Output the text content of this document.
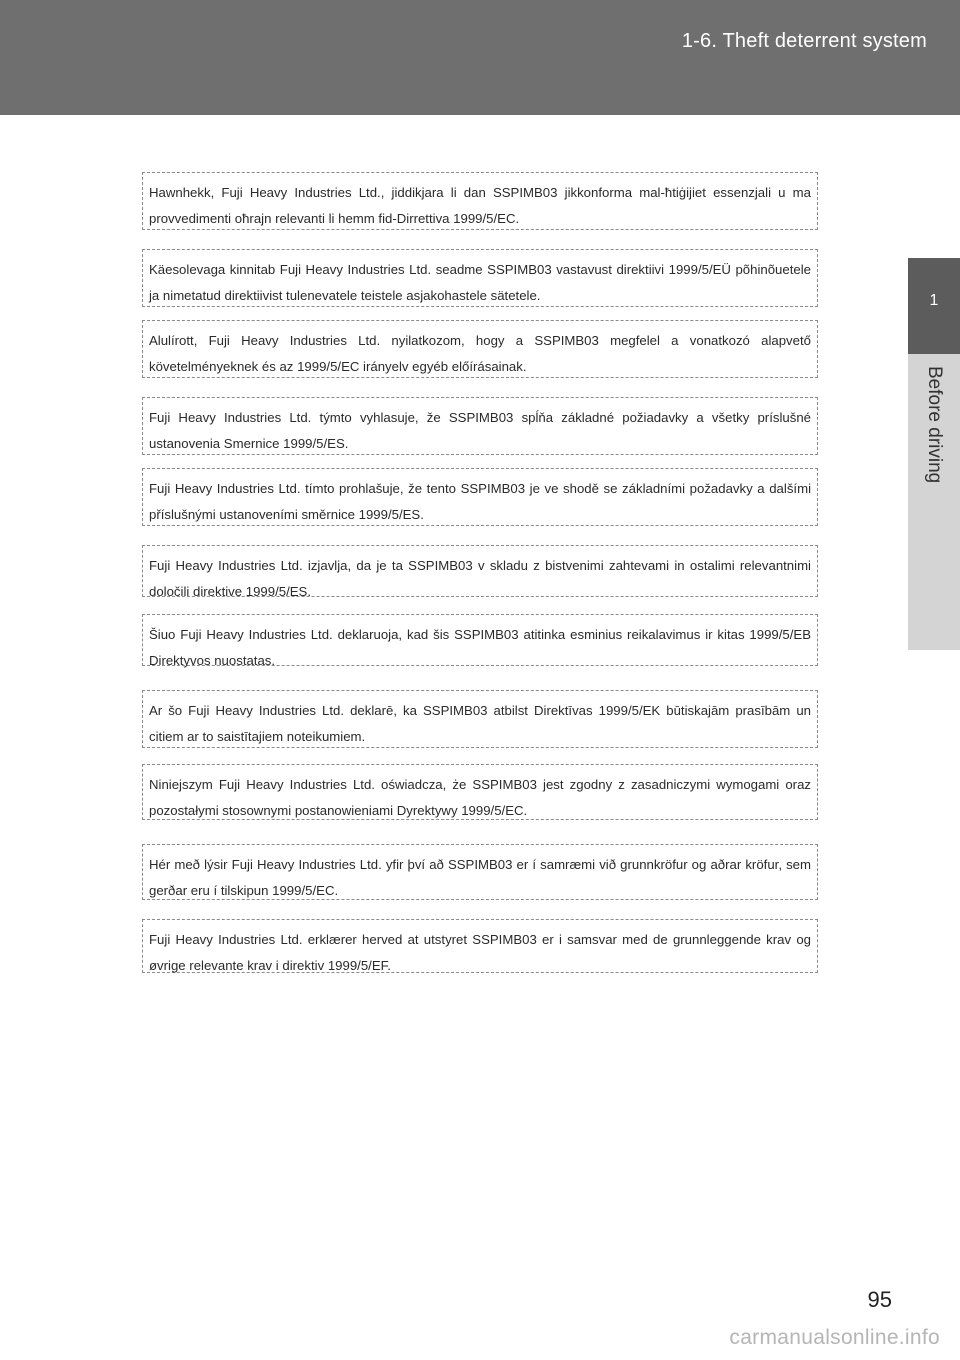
1-6. Theft deterrent system
1
Before driving
Hawnhekk, Fuji Heavy Industries Ltd., jiddikjara li dan SSPIMB03 jikkonforma mal-ħtiġijiet essenzjali u ma provvedimenti oħrajn relevanti li hemm fid-Dirrettiva 1999/5/EC.
Käesolevaga kinnitab Fuji Heavy Industries Ltd. seadme SSPIMB03 vastavust direktiivi 1999/5/EÜ põhinõuetele ja nimetatud direktiivist tulenevatele teistele asjakohastele sätetele.
Alulírott, Fuji Heavy Industries Ltd. nyilatkozom, hogy a SSPIMB03 megfelel a vonatkozó alapvető követelményeknek és az 1999/5/EC irányelv egyéb előírásainak.
Fuji Heavy Industries Ltd. týmto vyhlasuje, že SSPIMB03 spĺňa základné požiadavky a všetky príslušné ustanovenia Smernice 1999/5/ES.
Fuji Heavy Industries Ltd. tímto prohlašuje, že tento SSPIMB03 je ve shodě se základními požadavky a dalšími příslušnými ustanoveními směrnice 1999/5/ES.
Fuji Heavy Industries Ltd. izjavlja, da je ta SSPIMB03 v skladu z bistvenimi zahtevami in ostalimi relevantnimi določili direktive 1999/5/ES.
Šiuo Fuji Heavy Industries Ltd. deklaruoja, kad šis SSPIMB03 atitinka esminius reikalavimus ir kitas 1999/5/EB Direktyvos nuostatas.
Ar šo Fuji Heavy Industries Ltd. deklarē, ka SSPIMB03 atbilst Direktīvas 1999/5/EK būtiskajām prasībām un citiem ar to saistītajiem noteikumiem.
Niniejszym Fuji Heavy Industries Ltd. oświadcza, że SSPIMB03 jest zgodny z zasadniczymi wymogami oraz pozostałymi stosownymi postanowieniami Dyrektywy 1999/5/EC.
Hér með lýsir Fuji Heavy Industries Ltd. yfir því að SSPIMB03 er í samræmi við grunnkröfur og aðrar kröfur, sem gerðar eru í tilskipun 1999/5/EC.
Fuji Heavy Industries Ltd. erklærer herved at utstyret SSPIMB03 er i samsvar med de grunnleggende krav og øvrige relevante krav i direktiv 1999/5/EF.
95
carmanualsonline.info
